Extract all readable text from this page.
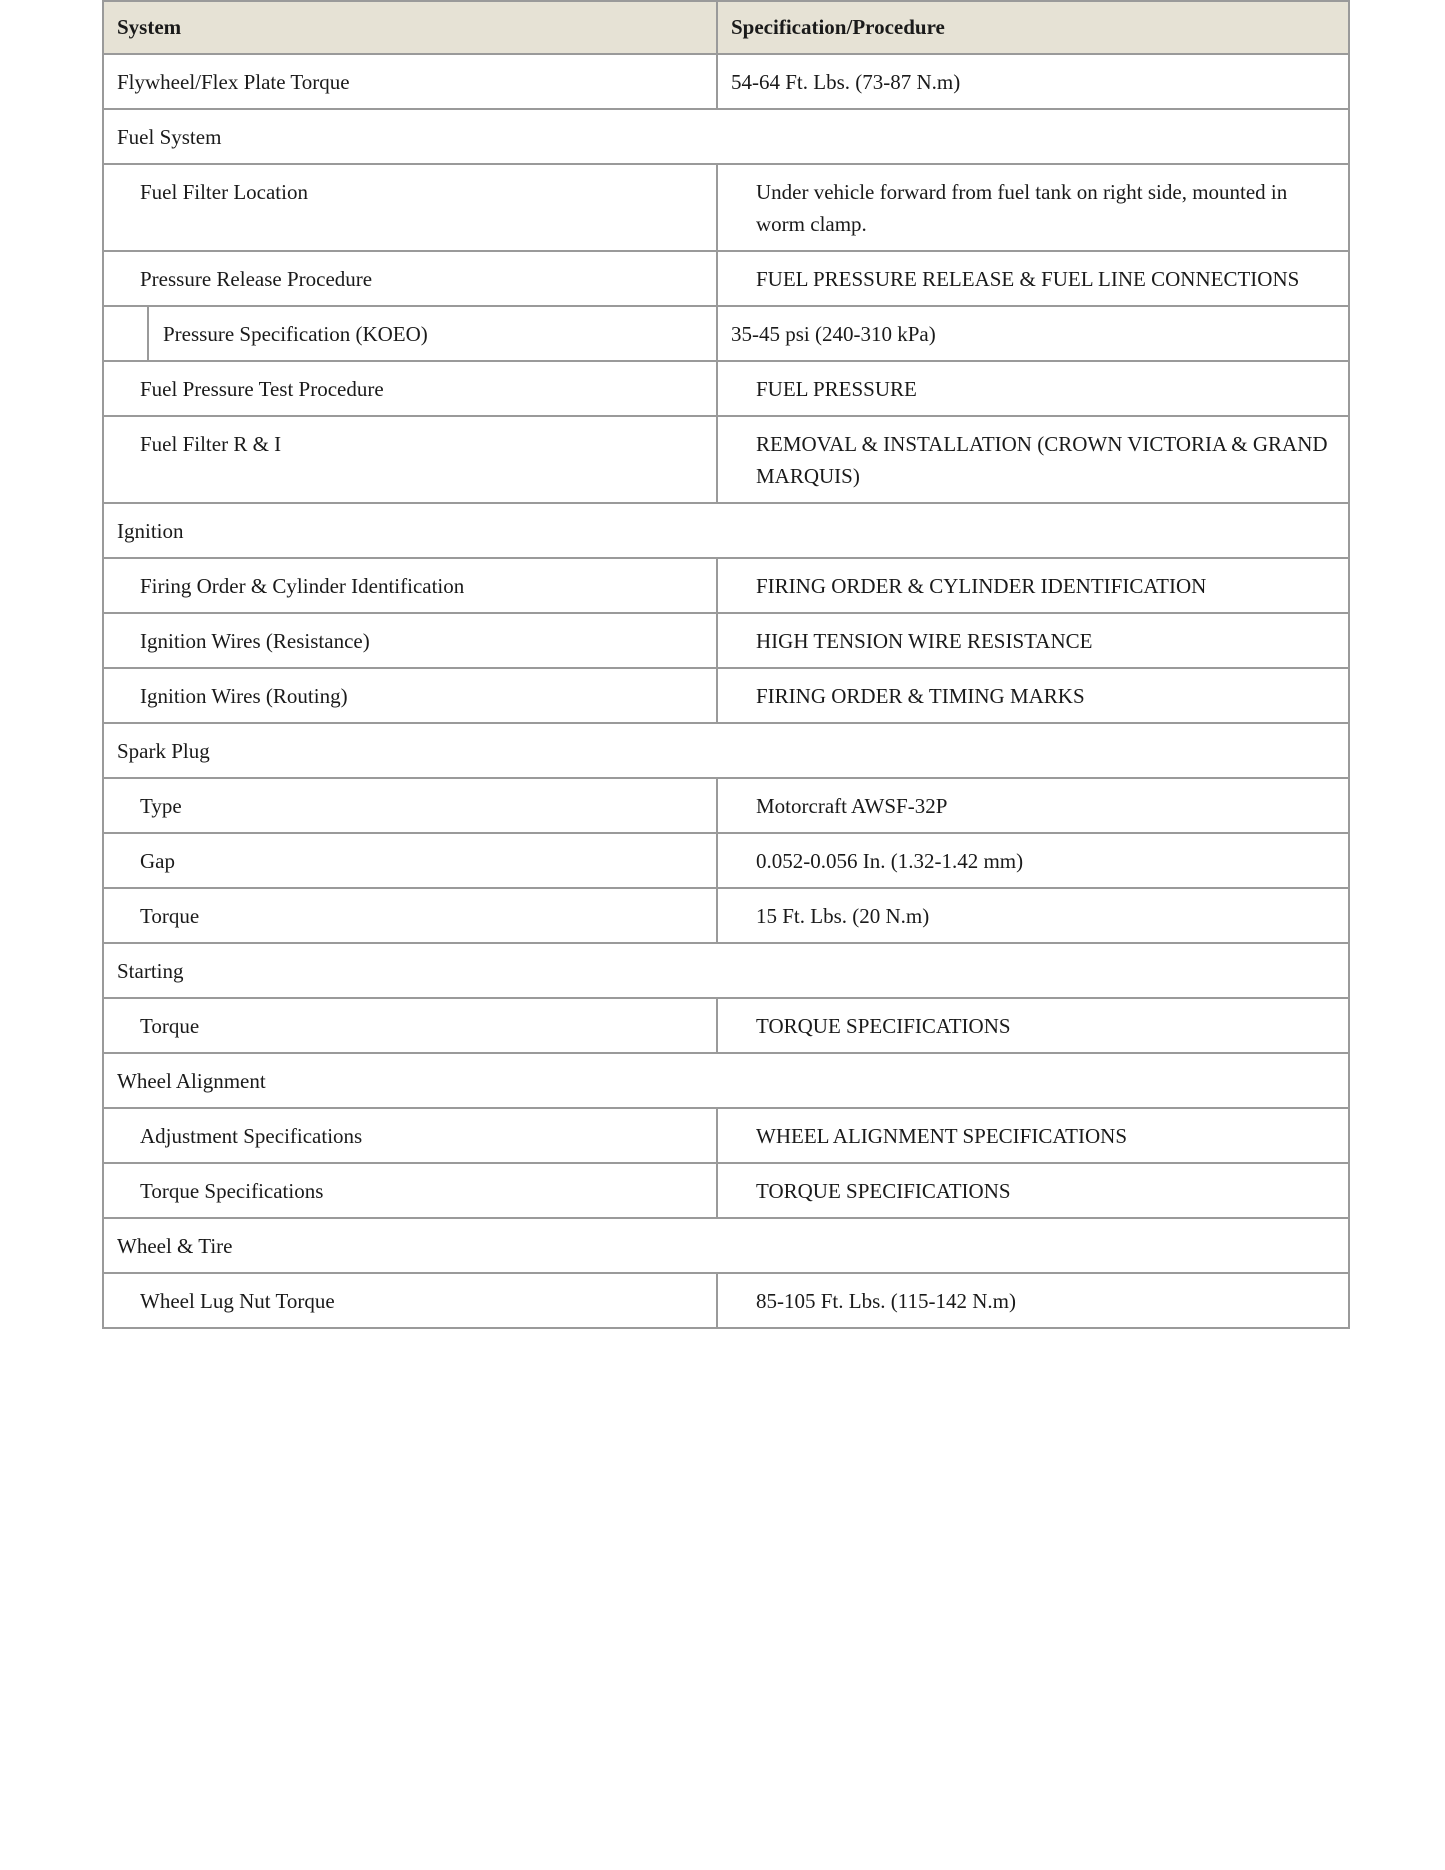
System	Specification/Procedure
Flywheel/Flex Plate Torque	54-64 Ft. Lbs. (73-87 N.m)
Fuel System	
Fuel Filter Location	Under vehicle forward from fuel tank on right side, mounted in worm clamp.
Pressure Release Procedure	FUEL PRESSURE RELEASE & FUEL LINE CONNECTIONS

Pressure Specification (KOEO)	35-45 psi (240-310 kPa)
Fuel Pressure Test Procedure	FUEL PRESSURE
Fuel Filter R & I	REMOVAL & INSTALLATION (CROWN VICTORIA & GRAND MARQUIS)
Ignition	
Firing Order & Cylinder Identification	FIRING ORDER & CYLINDER IDENTIFICATION
Ignition Wires (Resistance)	HIGH TENSION WIRE RESISTANCE
Ignition Wires (Routing)	FIRING ORDER & TIMING MARKS
Spark Plug	
Type	Motorcraft AWSF-32P
Gap	0.052-0.056 In. (1.32-1.42 mm)
Torque	15 Ft. Lbs. (20 N.m)
Starting	
Torque	TORQUE SPECIFICATIONS
Wheel Alignment	
Adjustment Specifications	WHEEL ALIGNMENT SPECIFICATIONS
Torque Specifications	TORQUE SPECIFICATIONS
Wheel & Tire	
Wheel Lug Nut Torque	85-105 Ft. Lbs. (115-142 N.m)
